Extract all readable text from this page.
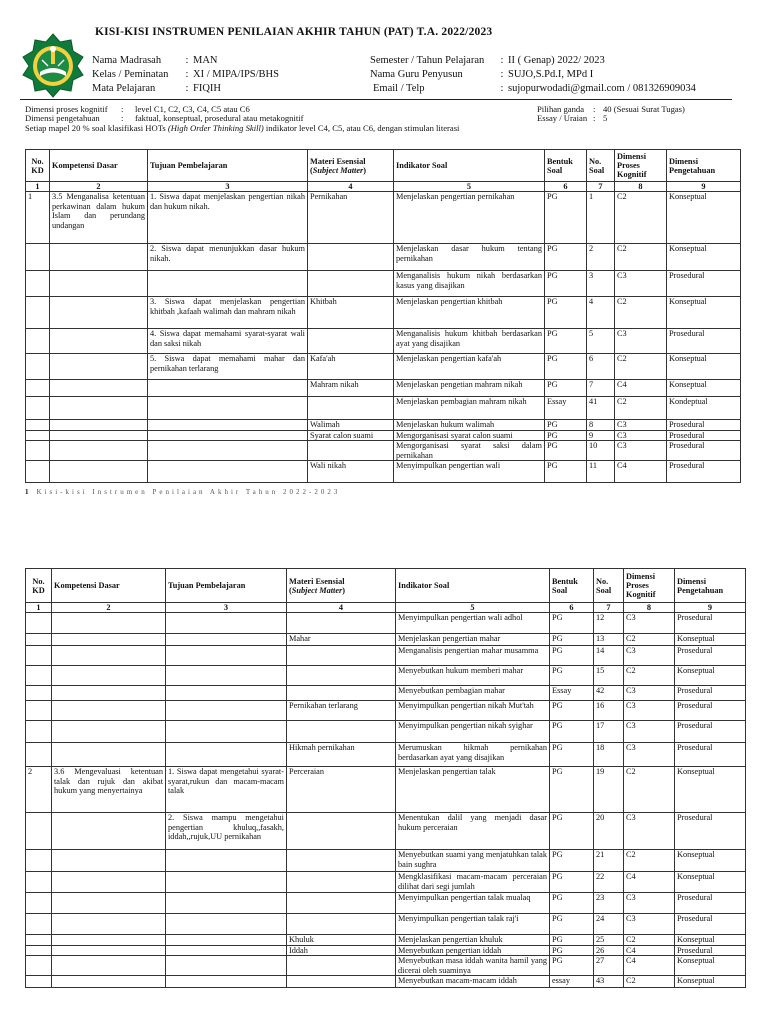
KISI-KISI INSTRUMEN PENILAIAN AKHIR TAHUN (PAT) T.A. 2022/2023
Nama Madrasah	: MAN
Kelas / Peminatan	: XI / MIPA/IPS/BHS
Mata Pelajaran	: FIQIH
Semester / Tahun Pelajaran	: II ( Genap) 2022/ 2023
Nama Guru Penyusun	: SUJO,S.Pd.I, MPd I
Email / Telp	: sujopurwodadi@gmail.com / 081326909034
Dimensi proses kognitif : level C1, C2, C3, C4, C5 atau C6
Dimensi pengetahuan : faktual, konseptual, prosedural atau metakognitif
Setiap mapel 20 % soal klasifikasi HOTs (High Order Thinking Skill) indikator level C4, C5, atau C6, dengan stimulan literasi
Pilihan ganda : 40 (Sesuai Surat Tugas)
Essay / Uraian : 5
No. KD	Kompetensi Dasar	Tujuan Pembelajaran	Materi Esensial
(Subject Matter)	Indikator Soal	Bentuk Soal	No. Soal	Dimensi Proses Kognitif	Dimensi Pengetahuan
1	2	3	4	5	6	7	8	9
1	3.5 Menganalisa ketentuan perkawinan dalam hukum Islam dan perundang undangan	1. Siswa dapat menjelaskan pengertian nikah dan hukum nikah.	Pernikahan	Menjelaskan pengertian pernikahan	PG	1	C2	Konseptual
		2. Siswa dapat menunjukkan dasar hukum nikah.		Menjelaskan dasar hukum tentang pernikahan	PG	2	C2	Konseptual
				Menganalisis hukum nikah berdasarkan kasus yang disajikan	PG	3	C3	Prosedural
		3. Siswa dapat menjelaskan pengertian khitbah ,kafaah walimah dan mahram nikah	Khitbah	Menjelaskan pengertian khitbah	PG	4	C2	Konseptual
		4. Siswa dapat memahami syarat-syarat wali dan saksi nikah		Menganalisis hukum khitbah berdasarkan ayat yang disajikan	PG	5	C3	Prosedural
		5. Siswa dapat memahami mahar dan pernikahan terlarang	Kafa'ah	Menjelaskan pengertian kafa'ah	PG	6	C2	Konseptual
			Mahram nikah	Menjelaskan pengetian mahram nikah	PG	7	C4	Konseptual
				Menjelaskan pembagian mahram nikah	Essay	41	C2	Kondeptual
			Walimah	Menjelaskan hukum walimah	PG	8	C3	Prosedural
			Syarat calon suami	Mengorganisasi syarat calon suami	PG	9	C3	Prosedural
				Mengorganisasi syarat saksi dalam pernikahan	PG	10	C3	Prosedural
			Wali nikah	Menyimpulkan pengertian wali	PG	11	C4	Prosedural
1 Kisi-kisi Instrumen Penilaian Akhir Tahun 2022-2023
No. KD	Kompetensi Dasar	Tujuan Pembelajaran	Materi Esensial
(Subject Matter)	Indikator Soal	Bentuk Soal	No. Soal	Dimensi Proses Kognitif	Dimensi Pengetahuan
1	2	3	4	5	6	7	8	9
				Menyimpulkan pengertian wali adhol	PG	12	C3	Prosedural
			Mahar	Menjelaskan pengertian mahar	PG	13	C2	Konseptual
				Menganalisis pengertian mahar musamma	PG	14	C3	Prosedural
				Menyebutkan hukum memberi mahar	PG	15	C2	Konseptual
				Menyebutkan pembagian mahar	Essay	42	C3	Prosedural
			Pernikahan terlarang	Menyimpulkan pengertian nikah Mut'tah	PG	16	C3	Prosedural
				Menyimpulkan pengertian nikah syighar	PG	17	C3	Prosedural
			Hikmah pernikahan	Merumuskan hikmah pernikahan berdasarkan ayat yang disajikan	PG	18	C3	Prosedural
2	3.6 Mengevaluasi ketentuan talak dan rujuk dan akibat hukum yang menyertainya	1. Siswa dapat mengetahui syarat-syarat,rukun dan macam-macam talak	Perceraian	Menjelaskan pengertian talak	PG	19	C2	Konseptual
		2. Siswa mampu mengetahui pengertian khuluq,,fasakh, iddah,,rujuk,UU pernikahan		Menentukan dalil yang menjadi dasar hukum perceraian	PG	20	C3	Prosedural
				Menyebutkan suami yang menjatuhkan talak bain sughra	PG	21	C2	Konseptual
				Mengklasifikasi macam-macam perceraian dilihat dari segi jumlah	PG	22	C4	Konseptual
				Menyimpulkan pengertian talak mualaq	PG	23	C3	Prosedural
				Menyimpulkan pengertian talak raj'i	PG	24	C3	Prosedural
			Khuluk	Menjelaskan pengertian khuluk	PG	25	C2	Konseptual
			Iddah	Menyebutkan pengertian iddah	PG	26	C4	Prosedural
				Menyebutkan masa iddah wanita hamil yang dicerai oleh suaminya	PG	27	C4	Konseptual
				Menyebutkan macam-macam iddah	essay	43	C2	Konseptual
